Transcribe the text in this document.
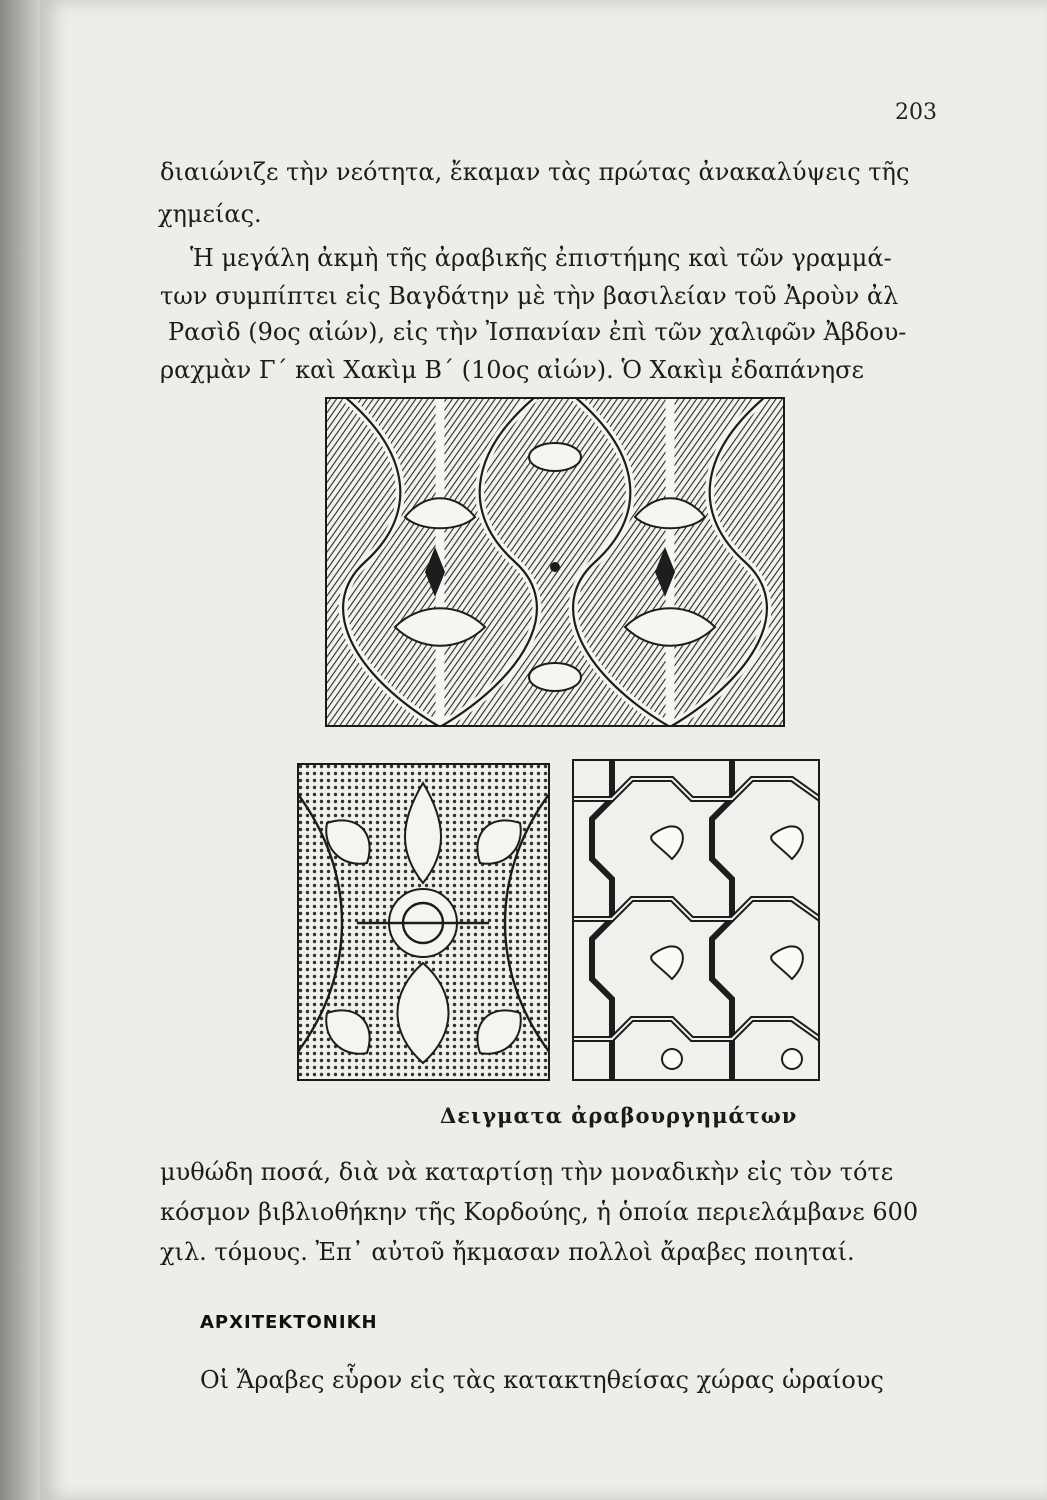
203
διαιώνιζε τὴν νεότητα, ἔκαμαν τὰς πρώτας ἀνακαλύψεις τῆς
χημείας.
Ἡ μεγάλη ἀκμὴ τῆς ἀραβικῆς ἐπιστήμης καὶ τῶν γραμμά-
των συμπίπτει εἰς Βαγδάτην μὲ τὴν βασιλείαν τοῦ Ἀροὺν ἀλ
Ρασὶδ (9ος αἰών), εἰς τὴν Ἰσπανίαν ἐπὶ τῶν χαλιφῶν Ἀβδου-
ραχμὰν Γ´ καὶ Χακὶμ Β´ (10ος αἰών). Ὁ Χακὶμ ἐδαπάνησε
Δειγματα ἀραβουργημάτων
μυθώδη ποσά, διὰ νὰ καταρτίσῃ τὴν μοναδικὴν εἰς τὸν τότε
κόσμον βιβλιοθήκην τῆς Κορδούης, ἡ ὁποία περιελάμβανε 600
χιλ. τόμους. Ἐπ᾿ αὐτοῦ ἤκμασαν πολλοὶ ἄραβες ποιηταί.
ΑΡΧΙΤΕΚΤΟΝΙΚΗ
Οἱ Ἄραβες εὗρον εἰς τὰς κατακτηθείσας χώρας ὡραίους
